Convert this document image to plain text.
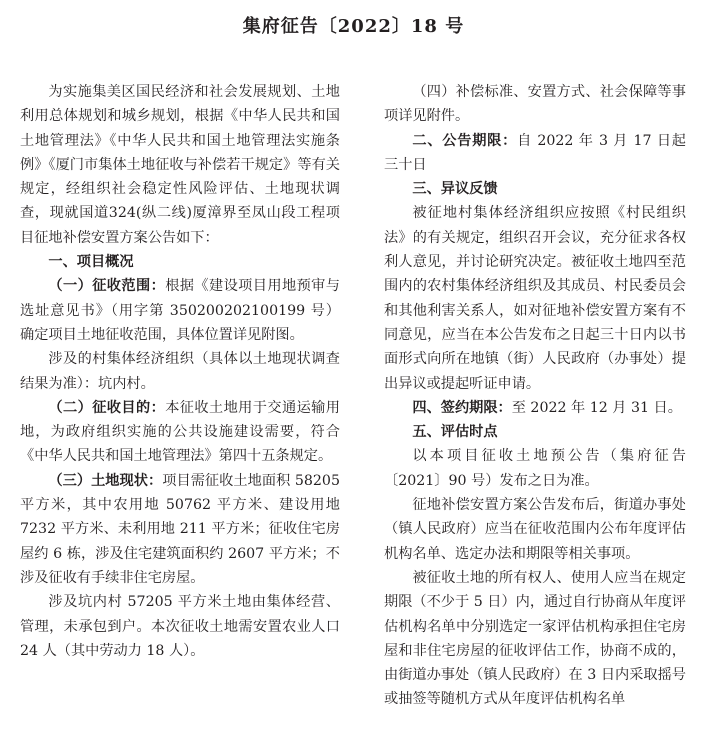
集府征告〔2022〕18 号

为实施集美区国民经济和社会发展规划、土地利用总体规划和城乡规划，根据《中华人民共和国土地管理法》《中华人民共和国土地管理法实施条例》《厦门市集体土地征收与补偿若干规定》等有关规定，经组织社会稳定性风险评估、土地现状调查，现就国道324(纵二线)厦漳界至凤山段工程项目征地补偿安置方案公告如下：

一、项目概况

（一）征收范围：根据《建设项目用地预审与选址意见书》（用字第 350200202100199 号）确定项目土地征收范围，具体位置详见附图。

涉及的村集体经济组织（具体以土地现状调查结果为准）：坑内村。

（二）征收目的：本征收土地用于交通运输用地，为政府组织实施的公共设施建设需要，符合《中华人民共和国土地管理法》第四十五条规定。

（三）土地现状：项目需征收土地面积 58205 平方米，其中农用地 50762 平方米、建设用地 7232 平方米、未利用地 211 平方米；征收住宅房屋约 6 栋，涉及住宅建筑面积约 2607 平方米；不涉及征收有手续非住宅房屋。

涉及坑内村 57205 平方米土地由集体经营、管理，未承包到户。本次征收土地需安置农业人口 24 人（其中劳动力 18 人）。

（四）补偿标准、安置方式、社会保障等事项详见附件。

二、公告期限：自 2022 年 3 月 17 日起三十日

三、异议反馈

被征地村集体经济组织应按照《村民组织法》的有关规定，组织召开会议，充分征求各权利人意见，并讨论研究决定。被征收土地四至范围内的农村集体经济组织及其成员、村民委员会和其他利害关系人，如对征地补偿安置方案有不同意见，应当在本公告发布之日起三十日内以书面形式向所在地镇（街）人民政府（办事处）提出异议或提起听证申请。

四、签约期限：至 2022 年 12 月 31 日。

五、评估时点

以本项目征收土地预公告（集府征告〔2021〕90 号）发布之日为准。

征地补偿安置方案公告发布后，街道办事处（镇人民政府）应当在征收范围内公布年度评估机构名单、选定办法和期限等相关事项。

被征收土地的所有权人、使用人应当在规定期限（不少于 5 日）内，通过自行协商从年度评估机构名单中分别选定一家评估机构承担住宅房屋和非住宅房屋的征收评估工作，协商不成的，由街道办事处（镇人民政府）在 3 日内采取摇号或抽签等随机方式从年度评估机构名单
